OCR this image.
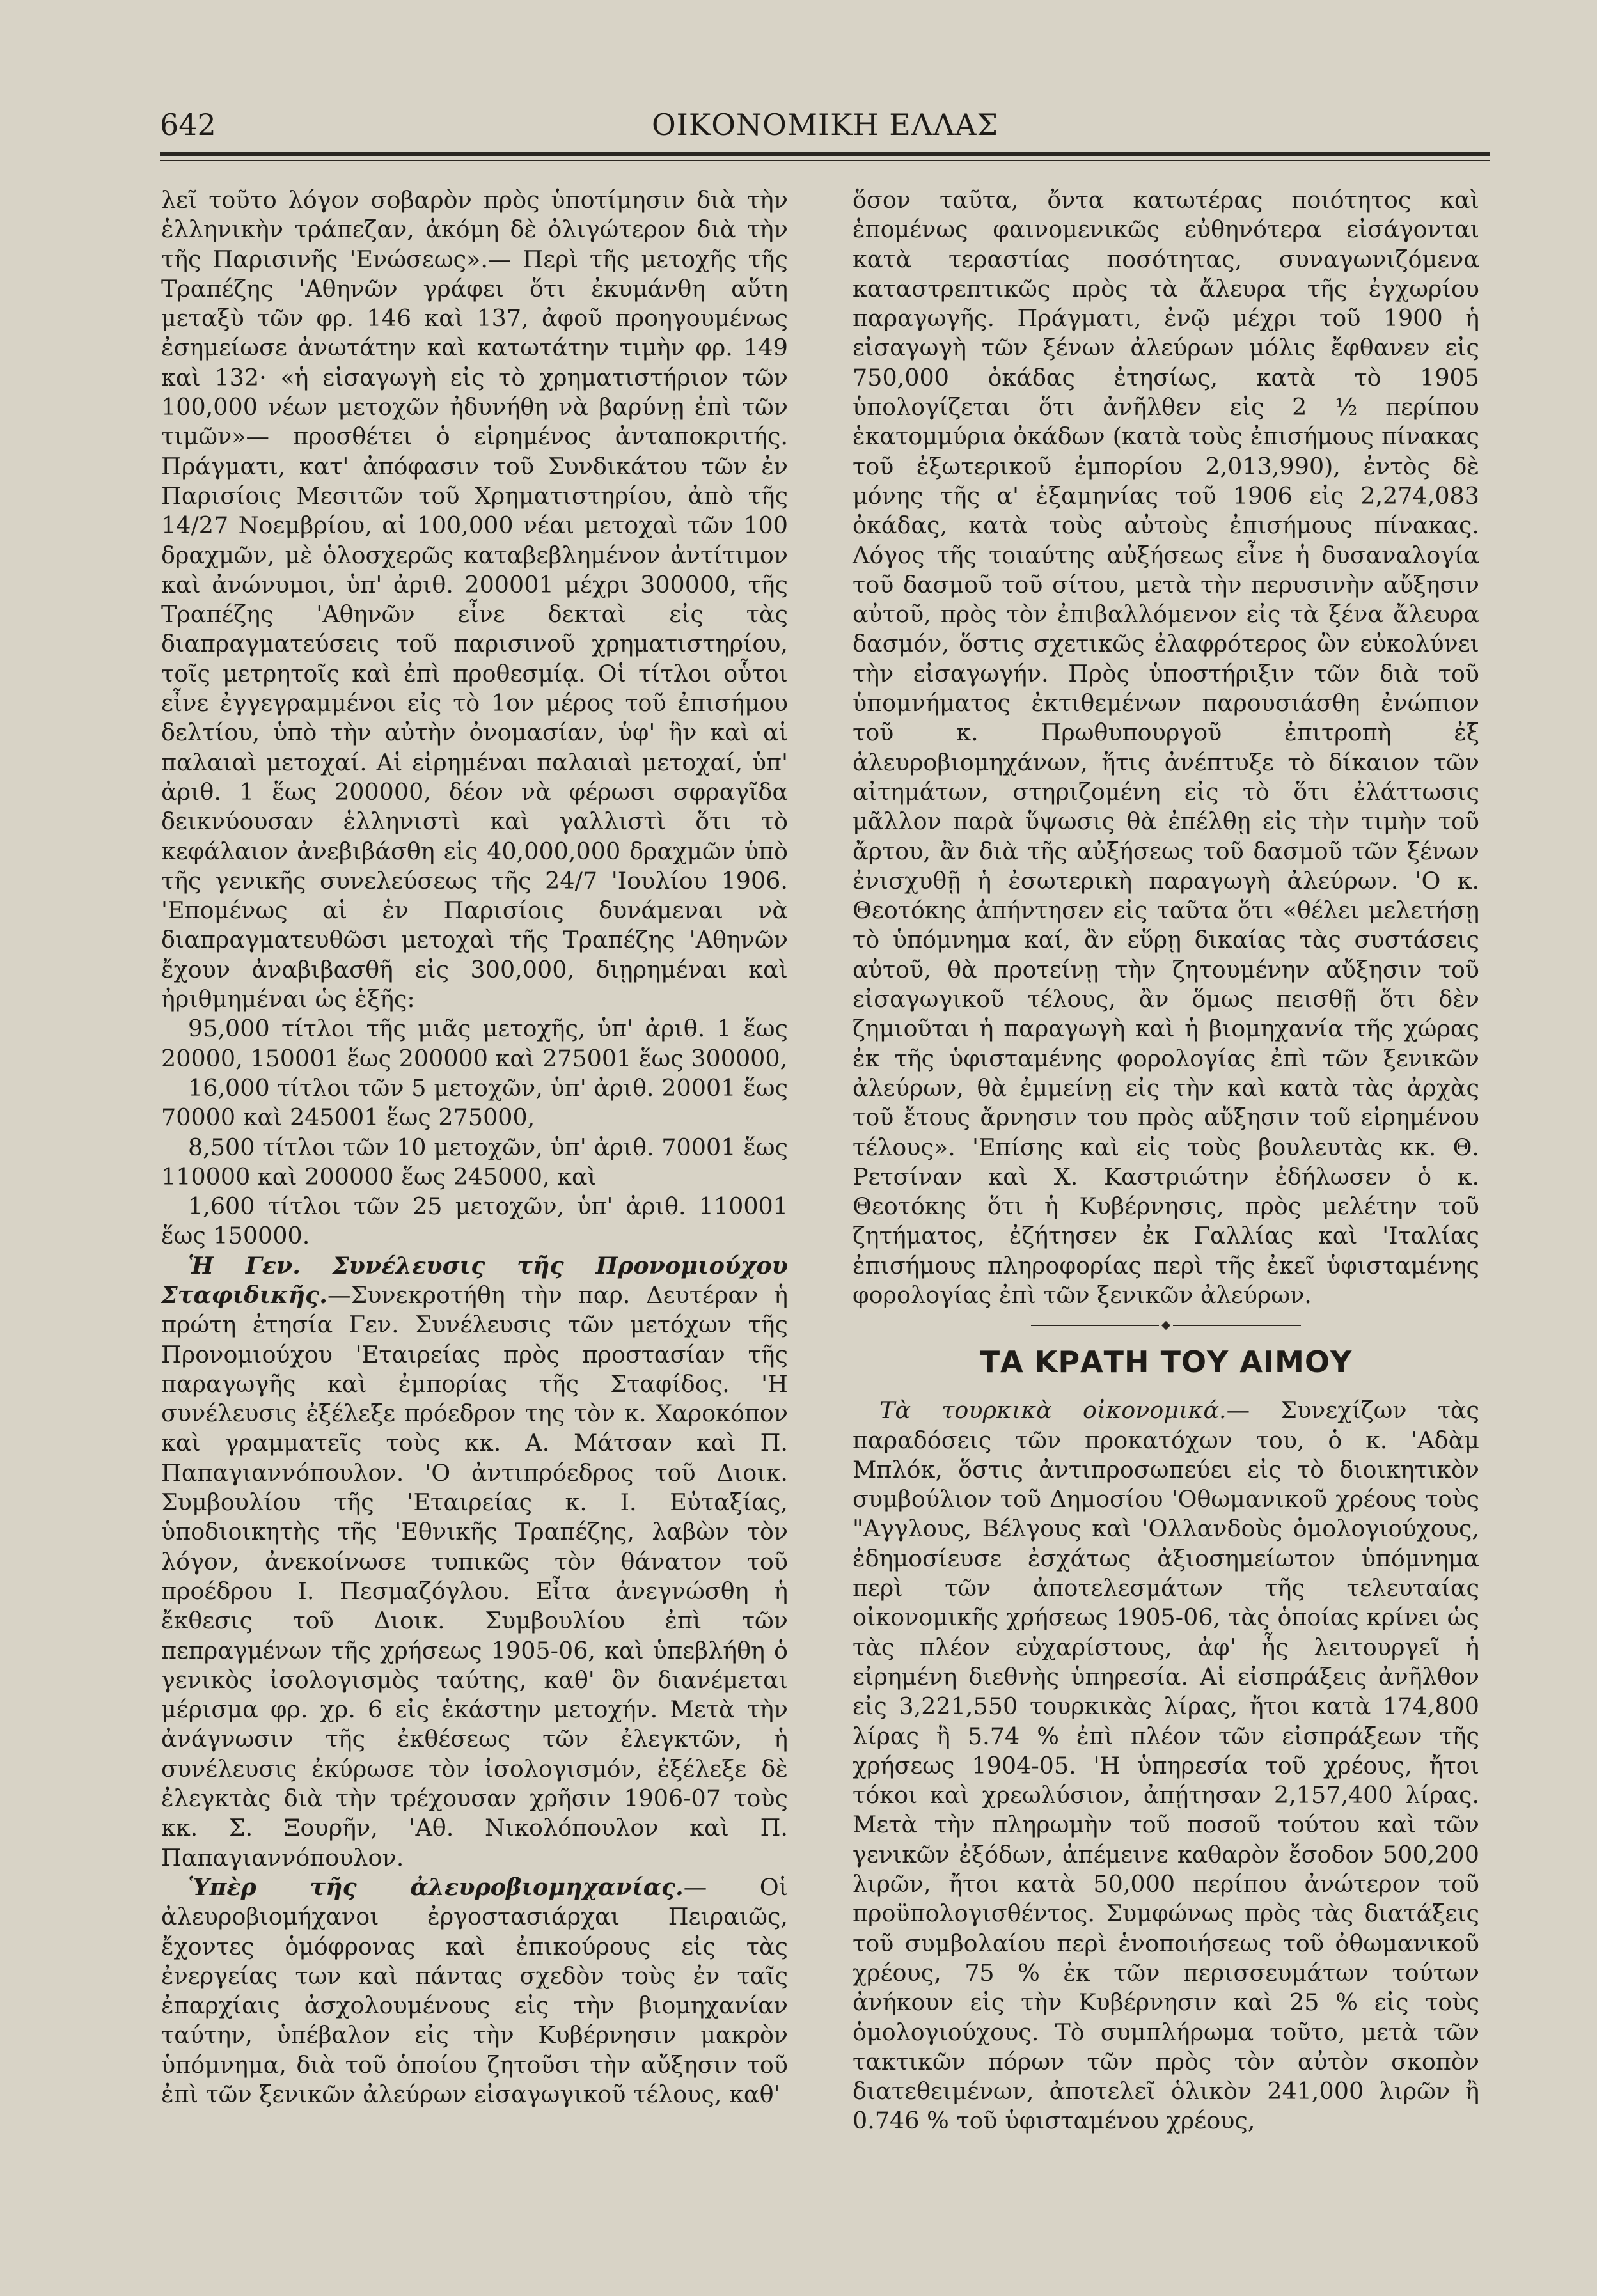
642	ΟΙΚΟΝΟΜΙΚΗ ΕΛΛΑΣ

λεῖ τοῦτο λόγον σοβαρὸν πρὸς ὑποτίμησιν διὰ τὴν ἑλληνικὴν τράπεζαν, ἀκόμη δὲ ὀλιγώτερον διὰ τὴν τῆς Παρισινῆς 'Ενώσεως».— Περὶ τῆς μετοχῆς τῆς Τραπέζης 'Αθηνῶν γράφει ὅτι ἐκυμάνθη αὕτη μεταξὺ τῶν φρ. 146 καὶ 137, ἀφοῦ προηγουμένως ἐσημείωσε ἀνωτάτην καὶ κατωτάτην τιμὴν φρ. 149 καὶ 132· «ἡ εἰσαγωγὴ εἰς τὸ χρηματιστήριον τῶν 100,000 νέων μετοχῶν ἠδυνήθη νὰ βαρύνῃ ἐπὶ τῶν τιμῶν»— προσθέτει ὁ εἰρημένος ἀνταποκριτής. Πράγματι, κατ' ἀπόφασιν τοῦ Συνδικάτου τῶν ἐν Παρισίοις Μεσιτῶν τοῦ Χρηματιστηρίου, ἀπὸ τῆς 14/27 Νοεμβρίου, αἱ 100,000 νέαι μετοχαὶ τῶν 100 δραχμῶν, μὲ ὁλοσχερῶς καταβεβλημένον ἀντίτιμον καὶ ἀνώνυμοι, ὑπ' ἀριθ. 200001 μέχρι 300000, τῆς Τραπέζης 'Αθηνῶν εἶνε δεκταὶ εἰς τὰς διαπραγματεύσεις τοῦ παρισινοῦ χρηματιστηρίου, τοῖς μετρητοῖς καὶ ἐπὶ προθεσμίᾳ. Οἱ τίτλοι οὗτοι εἶνε ἐγγεγραμμένοι εἰς τὸ 1ον μέρος τοῦ ἐπισήμου δελτίου, ὑπὸ τὴν αὐτὴν ὀνομασίαν, ὑφ' ἣν καὶ αἱ παλαιαὶ μετοχαί. Αἱ εἰρημέναι παλαιαὶ μετοχαί, ὑπ' ἀριθ. 1 ἕως 200000, δέον νὰ φέρωσι σφραγῖδα δεικνύουσαν ἑλληνιστὶ καὶ γαλλιστὶ ὅτι τὸ κεφάλαιον ἀνεβιβάσθη εἰς 40,000,000 δραχμῶν ὑπὸ τῆς γενικῆς συνελεύσεως τῆς 24/7 'Ιουλίου 1906. 'Επομένως αἱ ἐν Παρισίοις δυνάμεναι νὰ διαπραγματευθῶσι μετοχαὶ τῆς Τραπέζης 'Αθηνῶν ἔχουν ἀναβιβασθῆ εἰς 300,000, διῃρημέναι καὶ ἠριθμημέναι ὡς ἑξῆς:

95,000 τίτλοι τῆς μιᾶς μετοχῆς, ὑπ' ἀριθ. 1 ἕως 20000, 150001 ἕως 200000 καὶ 275001 ἕως 300000,

16,000 τίτλοι τῶν 5 μετοχῶν, ὑπ' ἀριθ. 20001 ἕως 70000 καὶ 245001 ἕως 275000,

8,500 τίτλοι τῶν 10 μετοχῶν, ὑπ' ἀριθ. 70001 ἕως 110000 καὶ 200000 ἕως 245000, καὶ

1,600 τίτλοι τῶν 25 μετοχῶν, ὑπ' ἀριθ. 110001 ἕως 150000.

Ἡ Γεν. Συνέλευσις τῆς Προνομιούχου Σταφιδικῆς.—Συνεκροτήθη τὴν παρ. Δευτέραν ἡ πρώτη ἐτησία Γεν. Συνέλευσις τῶν μετόχων τῆς Προνομιούχου 'Εταιρείας πρὸς προστασίαν τῆς παραγωγῆς καὶ ἐμπορίας τῆς Σταφίδος. 'Η συνέλευσις ἐξέλεξε πρόεδρον της τὸν κ. Χαροκόπον καὶ γραμματεῖς τοὺς κκ. Α. Μάτσαν καὶ Π. Παπαγιαννόπουλον. 'Ο ἀντιπρόεδρος τοῦ Διοικ. Συμβουλίου τῆς 'Εταιρείας κ. Ι. Εὐταξίας, ὑποδιοικητὴς τῆς 'Εθνικῆς Τραπέζης, λαβὼν τὸν λόγον, ἀνεκοίνωσε τυπικῶς τὸν θάνατον τοῦ προέδρου Ι. Πεσμαζόγλου. Εἶτα ἀνεγνώσθη ἡ ἔκθεσις τοῦ Διοικ. Συμβουλίου ἐπὶ τῶν πεπραγμένων τῆς χρήσεως 1905-06, καὶ ὑπεβλήθη ὁ γενικὸς ἰσολογισμὸς ταύτης, καθ' ὃν διανέμεται μέρισμα φρ. χρ. 6 εἰς ἑκάστην μετοχήν. Μετὰ τὴν ἀνάγνωσιν τῆς ἐκθέσεως τῶν ἐλεγκτῶν, ἡ συνέλευσις ἐκύρωσε τὸν ἰσολογισμόν, ἐξέλεξε δὲ ἐλεγκτὰς διὰ τὴν τρέχουσαν χρῆσιν 1906-07 τοὺς κκ. Σ. Ξουρῆν, 'Αθ. Νικολόπουλον καὶ Π. Παπαγιαννόπουλον.

Ὑπὲρ τῆς ἀλευροβιομηχανίας.— Οἱ ἀλευροβιομήχανοι ἐργοστασιάρχαι Πειραιῶς, ἔχοντες ὁμόφρονας καὶ ἐπικούρους εἰς τὰς ἐνεργείας των καὶ πάντας σχεδὸν τοὺς ἐν ταῖς ἐπαρχίαις ἀσχολουμένους εἰς τὴν βιομηχανίαν ταύτην, ὑπέβαλον εἰς τὴν Κυβέρνησιν μακρὸν ὑπόμνημα, διὰ τοῦ ὁποίου ζητοῦσι τὴν αὔξησιν τοῦ ἐπὶ τῶν ξενικῶν ἀλεύρων εἰσαγωγικοῦ τέλους, καθ'

ὅσον ταῦτα, ὄντα κατωτέρας ποιότητος καὶ ἑπομένως φαινομενικῶς εὐθηνότερα εἰσάγονται κατὰ τεραστίας ποσότητας, συναγωνιζόμενα καταστρεπτικῶς πρὸς τὰ ἄλευρα τῆς ἐγχωρίου παραγωγῆς. Πράγματι, ἐνῷ μέχρι τοῦ 1900 ἡ εἰσαγωγὴ τῶν ξένων ἀλεύρων μόλις ἔφθανεν εἰς 750,000 ὀκάδας ἐτησίως, κατὰ τὸ 1905 ὑπολογίζεται ὅτι ἀνῆλθεν εἰς 2 ½ περίπου ἑκατομμύρια ὀκάδων (κατὰ τοὺς ἐπισήμους πίνακας τοῦ ἐξωτερικοῦ ἐμπορίου 2,013,990), ἐντὸς δὲ μόνης τῆς α' ἑξαμηνίας τοῦ 1906 εἰς 2,274,083 ὀκάδας, κατὰ τοὺς αὐτοὺς ἐπισήμους πίνακας. Λόγος τῆς τοιαύτης αὐξήσεως εἶνε ἡ δυσαναλογία τοῦ δασμοῦ τοῦ σίτου, μετὰ τὴν περυσινὴν αὔξησιν αὐτοῦ, πρὸς τὸν ἐπιβαλλόμενον εἰς τὰ ξένα ἄλευρα δασμόν, ὅστις σχετικῶς ἐλαφρότερος ὢν εὐκολύνει τὴν εἰσαγωγήν. Πρὸς ὑποστήριξιν τῶν διὰ τοῦ ὑπομνήματος ἐκτιθεμένων παρουσιάσθη ἐνώπιον τοῦ κ. Πρωθυπουργοῦ ἐπιτροπὴ ἐξ ἀλευροβιομηχάνων, ἥτις ἀνέπτυξε τὸ δίκαιον τῶν αἰτημάτων, στηριζομένη εἰς τὸ ὅτι ἐλάττωσις μᾶλλον παρὰ ὕψωσις θὰ ἐπέλθῃ εἰς τὴν τιμὴν τοῦ ἄρτου, ἂν διὰ τῆς αὐξήσεως τοῦ δασμοῦ τῶν ξένων ἐνισχυθῇ ἡ ἐσωτερικὴ παραγωγὴ ἀλεύρων. 'Ο κ. Θεοτόκης ἀπήντησεν εἰς ταῦτα ὅτι «θέλει μελετήσῃ τὸ ὑπόμνημα καί, ἂν εὕρῃ δικαίας τὰς συστάσεις αὐτοῦ, θὰ προτείνῃ τὴν ζητουμένην αὔξησιν τοῦ εἰσαγωγικοῦ τέλους, ἂν ὅμως πεισθῇ ὅτι δὲν ζημιοῦται ἡ παραγωγὴ καὶ ἡ βιομηχανία τῆς χώρας ἐκ τῆς ὑφισταμένης φορολογίας ἐπὶ τῶν ξενικῶν ἀλεύρων, θὰ ἐμμείνῃ εἰς τὴν καὶ κατὰ τὰς ἀρχὰς τοῦ ἔτους ἄρνησιν του πρὸς αὔξησιν τοῦ εἰρημένου τέλους». 'Επίσης καὶ εἰς τοὺς βουλευτὰς κκ. Θ. Ρετσίναν καὶ Χ. Καστριώτην ἐδήλωσεν ὁ κ. Θεοτόκης ὅτι ἡ Κυβέρνησις, πρὸς μελέτην τοῦ ζητήματος, ἐζήτησεν ἐκ Γαλλίας καὶ 'Ιταλίας ἐπισήμους πληροφορίας περὶ τῆς ἐκεῖ ὑφισταμένης φορολογίας ἐπὶ τῶν ξενικῶν ἀλεύρων.

ΤΑ ΚΡΑΤΗ ΤΟΥ ΑΙΜΟΥ

Τὰ τουρκικὰ οἰκονομικά.— Συνεχίζων τὰς παραδόσεις τῶν προκατόχων του, ὁ κ. 'Αδὰμ Μπλόκ, ὅστις ἀντιπροσωπεύει εἰς τὸ διοικητικὸν συμβούλιον τοῦ Δημοσίου 'Οθωμανικοῦ χρέους τοὺς "Αγγλους, Βέλγους καὶ 'Ολλανδοὺς ὁμολογιούχους, ἐδημοσίευσε ἐσχάτως ἀξιοσημείωτον ὑπόμνημα περὶ τῶν ἀποτελεσμάτων τῆς τελευταίας οἰκονομικῆς χρήσεως 1905-06, τὰς ὁποίας κρίνει ὡς τὰς πλέον εὐχαρίστους, ἀφ' ἧς λειτουργεῖ ἡ εἰρημένη διεθνὴς ὑπηρεσία. Αἱ εἰσπράξεις ἀνῆλθον εἰς 3,221,550 τουρκικὰς λίρας, ἤτοι κατὰ 174,800 λίρας ἢ 5.74 % ἐπὶ πλέον τῶν εἰσπράξεων τῆς χρήσεως 1904-05. 'Η ὑπηρεσία τοῦ χρέους, ἤτοι τόκοι καὶ χρεωλύσιον, ἀπῄτησαν 2,157,400 λίρας. Μετὰ τὴν πληρωμὴν τοῦ ποσοῦ τούτου καὶ τῶν γενικῶν ἐξόδων, ἀπέμεινε καθαρὸν ἔσοδον 500,200 λιρῶν, ἤτοι κατὰ 50,000 περίπου ἀνώτερον τοῦ προϋπολογισθέντος. Συμφώνως πρὸς τὰς διατάξεις τοῦ συμβολαίου περὶ ἑνοποιήσεως τοῦ ὀθωμανικοῦ χρέους, 75 % ἐκ τῶν περισσευμάτων τούτων ἀνήκουν εἰς τὴν Κυβέρνησιν καὶ 25 % εἰς τοὺς ὁμολογιούχους. Τὸ συμπλήρωμα τοῦτο, μετὰ τῶν τακτικῶν πόρων τῶν πρὸς τὸν αὐτὸν σκοπὸν διατεθειμένων, ἀποτελεῖ ὁλικὸν 241,000 λιρῶν ἢ 0.746 % τοῦ ὑφισταμένου χρέους,
